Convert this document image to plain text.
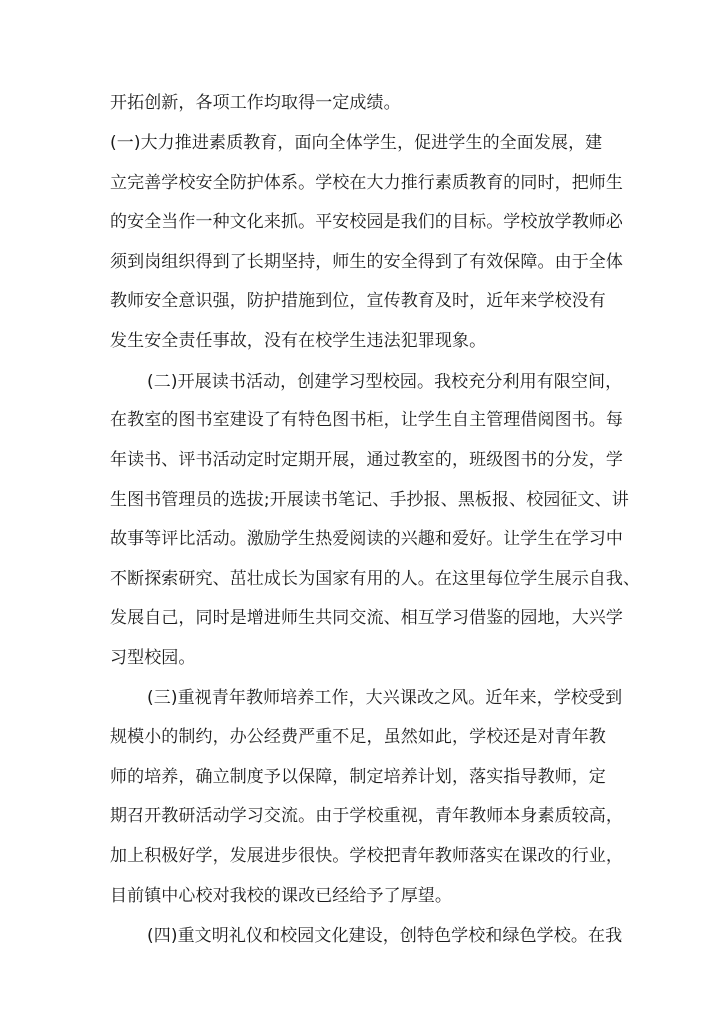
开拓创新，各项工作均取得一定成绩。
(一)大力推进素质教育，面向全体学生，促进学生的全面发展，建
立完善学校安全防护体系。学校在大力推行素质教育的同时，把师生
的安全当作一种文化来抓。平安校园是我们的目标。学校放学教师必
须到岗组织得到了长期坚持，师生的安全得到了有效保障。由于全体
教师安全意识强，防护措施到位，宣传教育及时，近年来学校没有
发生安全责任事故，没有在校学生违法犯罪现象。
(二)开展读书活动，创建学习型校园。我校充分利用有限空间，
在教室的图书室建设了有特色图书柜，让学生自主管理借阅图书。每
年读书、评书活动定时定期开展，通过教室的，班级图书的分发，学
生图书管理员的选拔;开展读书笔记、手抄报、黑板报、校园征文、讲
故事等评比活动。激励学生热爱阅读的兴趣和爱好。让学生在学习中
不断探索研究、茁壮成长为国家有用的人。在这里每位学生展示自我、
发展自己，同时是增进师生共同交流、相互学习借鉴的园地，大兴学
习型校园。
(三)重视青年教师培养工作，大兴课改之风。近年来，学校受到
规模小的制约，办公经费严重不足，虽然如此，学校还是对青年教
师的培养，确立制度予以保障，制定培养计划，落实指导教师，定
期召开教研活动学习交流。由于学校重视，青年教师本身素质较高，
加上积极好学，发展进步很快。学校把青年教师落实在课改的行业，
目前镇中心校对我校的课改已经给予了厚望。
(四)重文明礼仪和校园文化建设，创特色学校和绿色学校。在我
